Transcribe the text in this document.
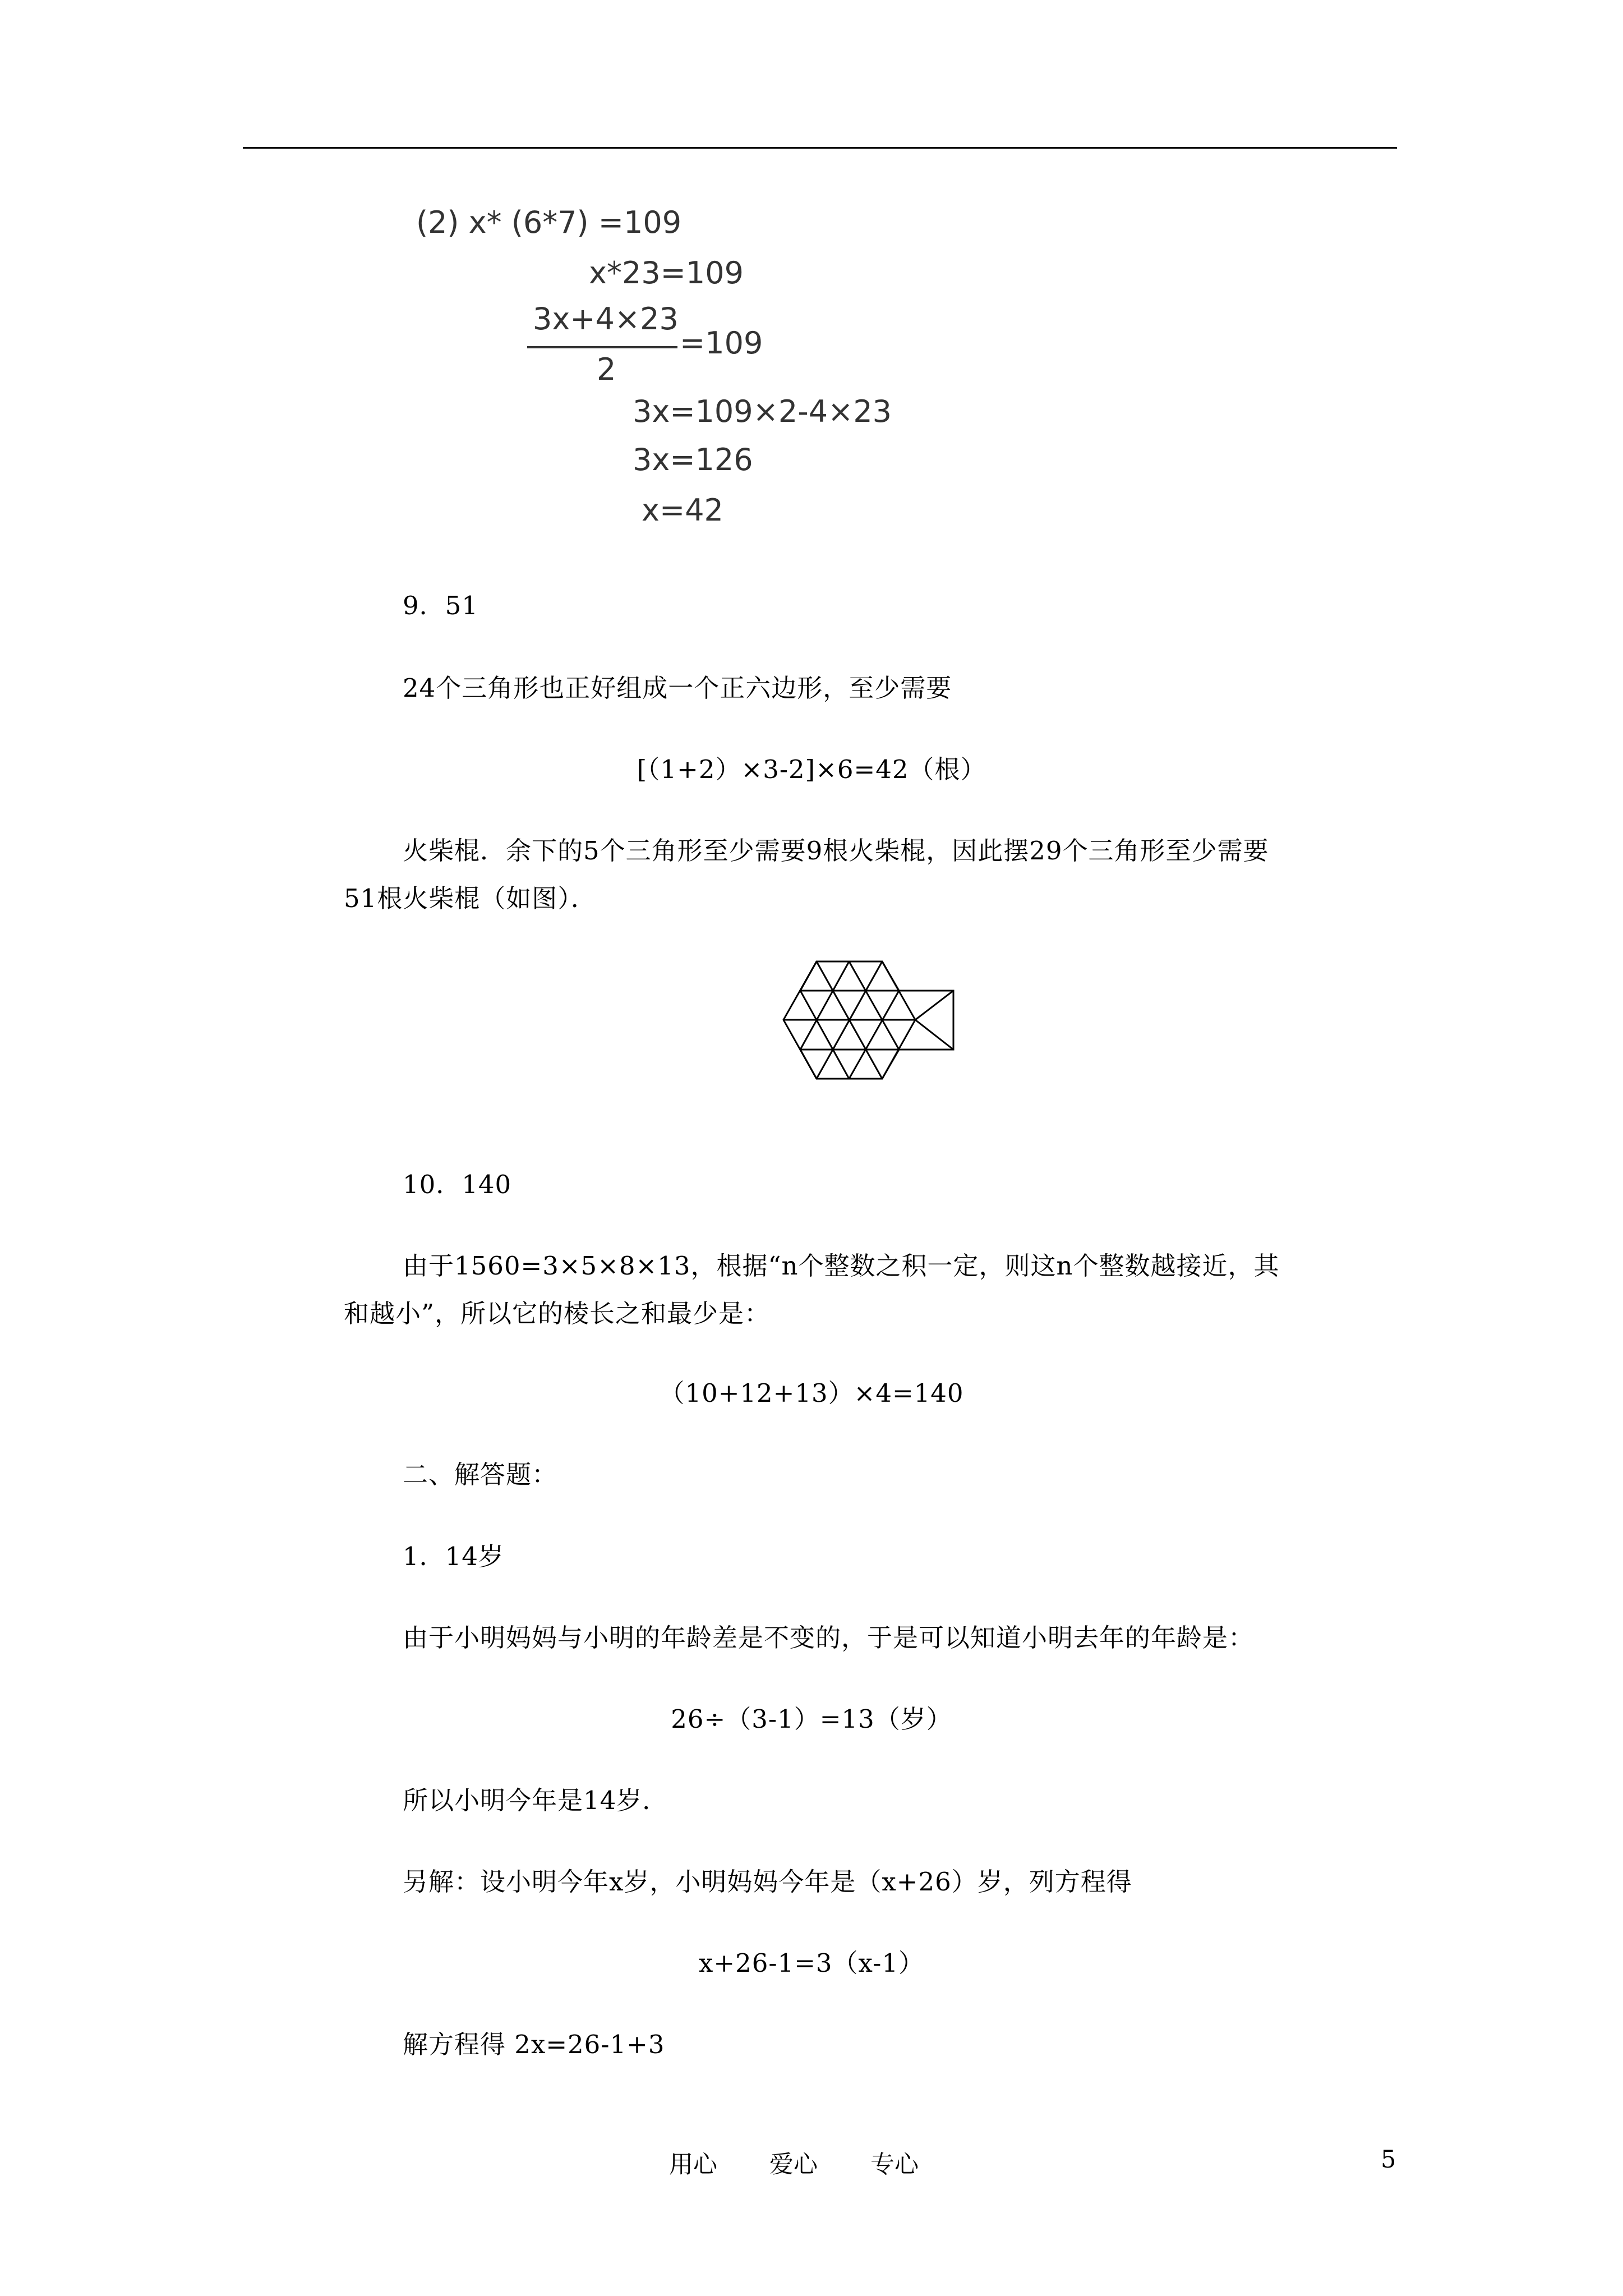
(2) x* (6*7) =109
x*23=109
3x+4×23
2
=109
3x=109×2-4×23
3x=126
x=42
9．51
24个三角形也正好组成一个正六边形，至少需要
[（1+2）×3-2]×6=42（根）
火柴棍．余下的5个三角形至少需要9根火柴棍，因此摆29个三角形至少需要
51根火柴棍（如图）．
10．140
由于1560=3×5×8×13，根据“n个整数之积一定，则这n个整数越接近，其
和越小”，所以它的棱长之和最少是：
（10+12+13）×4=140
二、解答题：
1．14岁
由于小明妈妈与小明的年龄差是不变的，于是可以知道小明去年的年龄是：
26÷（3-1）=13（岁）
所以小明今年是14岁．
另解：设小明今年x岁，小明妈妈今年是（x+26）岁，列方程得
x+26-1=3（x-1）
解方程得 2x=26-1+3
用心 爱心 专心	5
